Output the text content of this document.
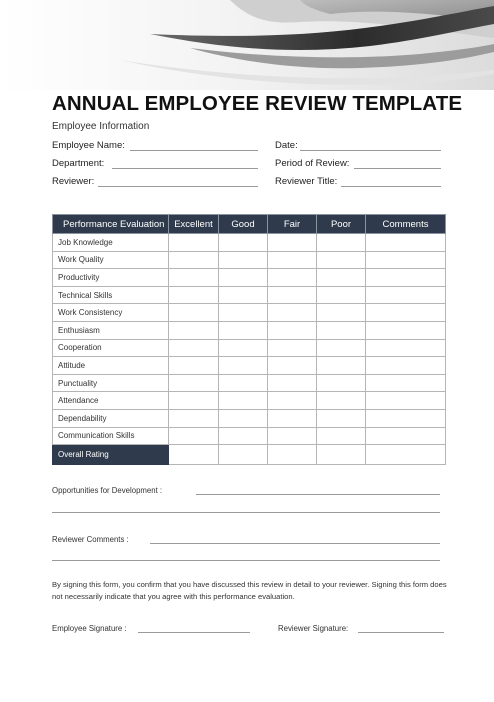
ANNUAL EMPLOYEE REVIEW TEMPLATE
Employee Information
Employee Name:	Date:
Department:	Period of Review:
Reviewer:	Reviewer Title:
Performance Evaluation	Excellent	Good	Fair	Poor	Comments
Job Knowledge					
Work Quality					
Productivity					
Technical Skills					
Work Consistency					
Enthusiasm					
Cooperation					
Attitude					
Punctuality					
Attendance					
Dependability					
Communication Skills					
Overall Rating					
Opportunities for Development :
Reviewer Comments :
By signing this form, you confirm that you have discussed this review in detail to your reviewer. Signing this form does not necessarily indicate that you agree with this performance evaluation.
Employee Signature :	Reviewer Signature:
